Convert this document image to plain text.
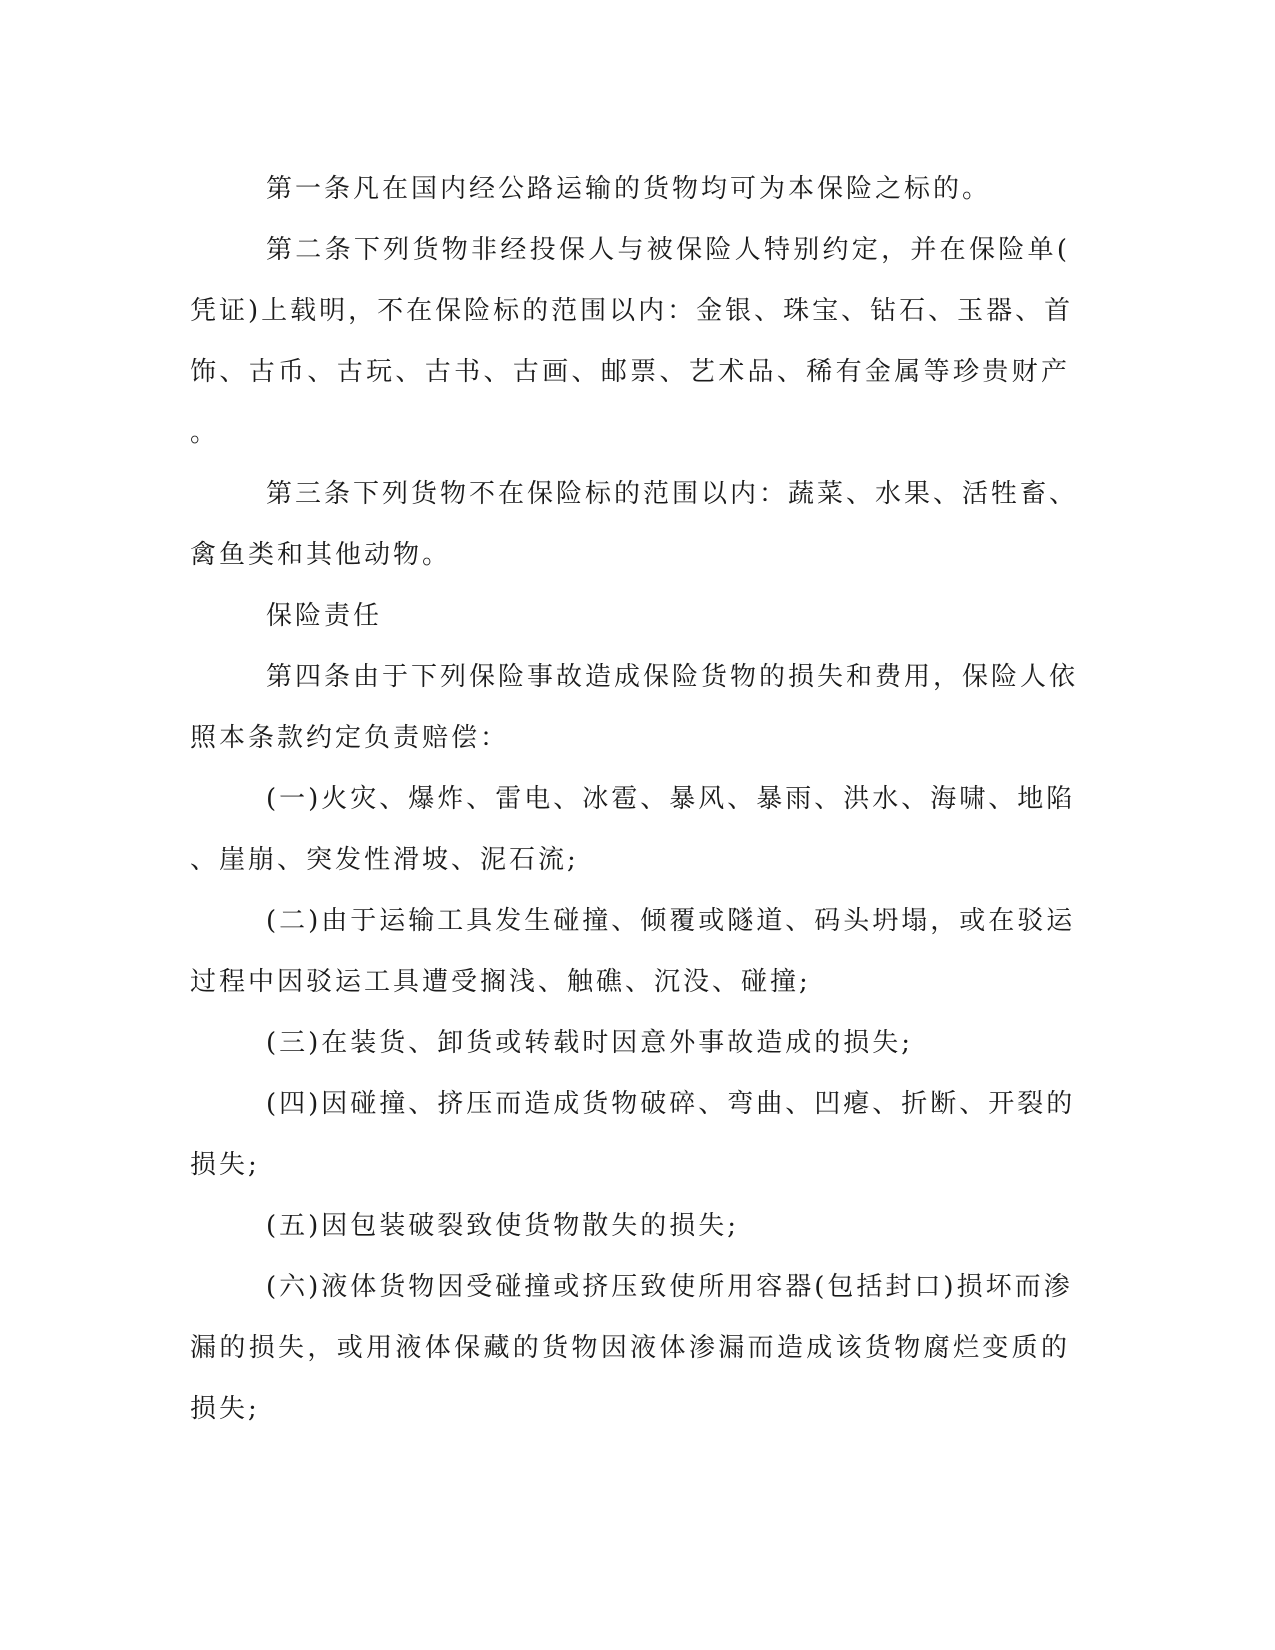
第一条凡在国内经公路运输的货物均可为本保险之标的。
第二条下列货物非经投保人与被保险人特别约定，并在保险单(
凭证)上载明，不在保险标的范围以内：金银、珠宝、钻石、玉器、首
饰、古币、古玩、古书、古画、邮票、艺术品、稀有金属等珍贵财产
。
第三条下列货物不在保险标的范围以内：蔬菜、水果、活牲畜、
禽鱼类和其他动物。
保险责任
第四条由于下列保险事故造成保险货物的损失和费用，保险人依
照本条款约定负责赔偿：
(一)火灾、爆炸、雷电、冰雹、暴风、暴雨、洪水、海啸、地陷
、崖崩、突发性滑坡、泥石流;
(二)由于运输工具发生碰撞、倾覆或隧道、码头坍塌，或在驳运
过程中因驳运工具遭受搁浅、触礁、沉没、碰撞;
(三)在装货、卸货或转载时因意外事故造成的损失;
(四)因碰撞、挤压而造成货物破碎、弯曲、凹瘪、折断、开裂的
损失;
(五)因包装破裂致使货物散失的损失;
(六)液体货物因受碰撞或挤压致使所用容器(包括封口)损坏而渗
漏的损失，或用液体保藏的货物因液体渗漏而造成该货物腐烂变质的
损失;
